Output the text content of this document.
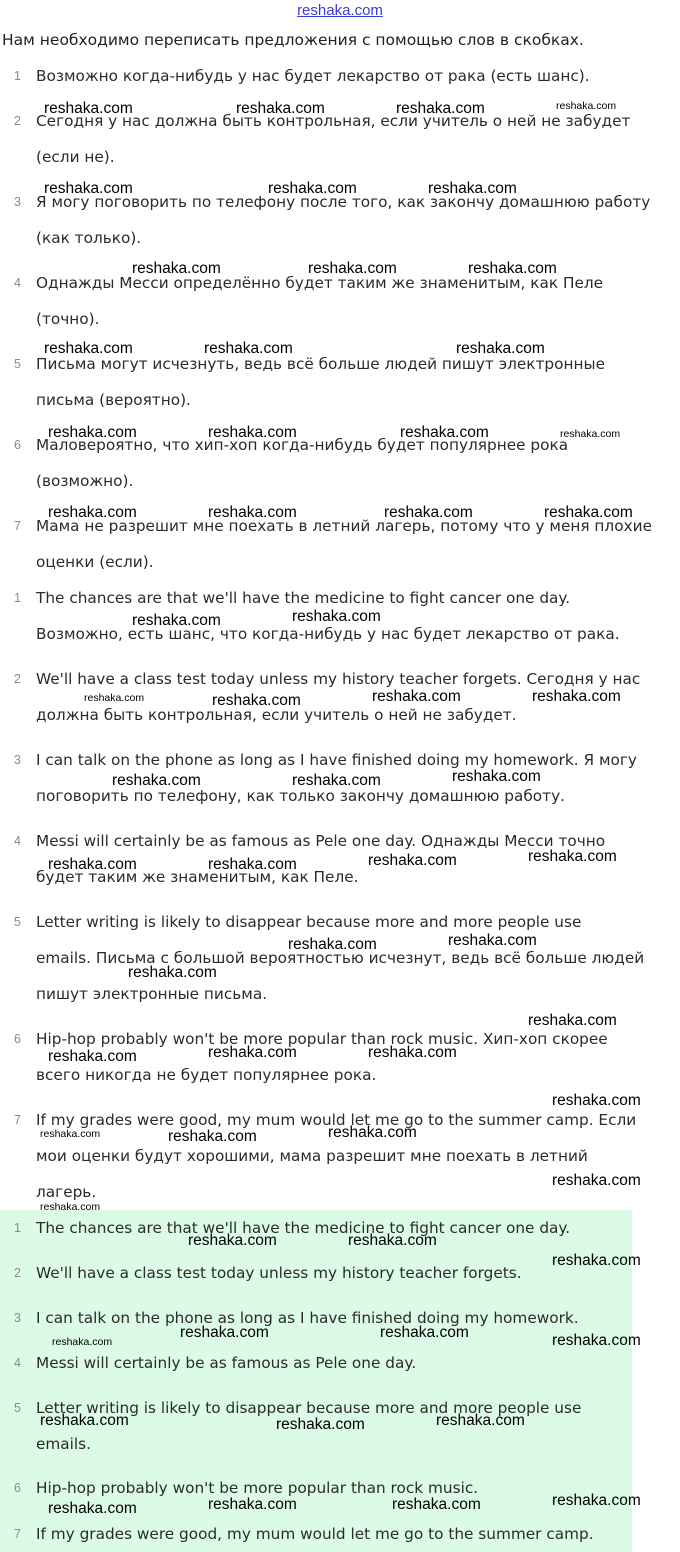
reshaka.com
Нам необходимо переписать предложения с помощью слов в скобках.
1 Возможно когда-нибудь у нас будет лекарство от рака (есть шанс).
2 Сегодня у нас должна быть контрольная, если учитель о ней не забудет
(если не).
3 Я могу поговорить по телефону после того, как закончу домашнюю работу
(как только).
4 Однажды Месси определённо будет таким же знаменитым, как Пеле
(точно).
5 Письма могут исчезнуть, ведь всё больше людей пишут электронные
письма (вероятно).
6 Маловероятно, что хип-хоп когда-нибудь будет популярнее рока
(возможно).
7 Мама не разрешит мне поехать в летний лагерь, потому что у меня плохие
оценки (если).
1 The chances are that we'll have the medicine to fight cancer one day.
Возможно, есть шанс, что когда-нибудь у нас будет лекарство от рака.
2 We'll have a class test today unless my history teacher forgets. Сегодня у нас
должна быть контрольная, если учитель о ней не забудет.
3 I can talk on the phone as long as I have finished doing my homework. Я могу
поговорить по телефону, как только закончу домашнюю работу.
4 Messi will certainly be as famous as Pele one day. Однажды Месси точно
будет таким же знаменитым, как Пеле.
5 Letter writing is likely to disappear because more and more people use
emails. Письма с большой вероятностью исчезнут, ведь всё больше людей
пишут электронные письма.
6 Hip-hop probably won't be more popular than rock music. Хип-хоп скорее
всего никогда не будет популярнее рока.
7 If my grades were good, my mum would let me go to the summer camp. Если
мои оценки будут хорошими, мама разрешит мне поехать в летний
лагерь.
1 The chances are that we'll have the medicine to fight cancer one day.
2 We'll have a class test today unless my history teacher forgets.
3 I can talk on the phone as long as I have finished doing my homework.
4 Messi will certainly be as famous as Pele one day.
5 Letter writing is likely to disappear because more and more people use
emails.
6 Hip-hop probably won't be more popular than rock music.
7 If my grades were good, my mum would let me go to the summer camp.
reshaka.com	reshaka.com	reshaka.com	reshaka.com
reshaka.com	reshaka.com	reshaka.com
reshaka.com	reshaka.com	reshaka.com
reshaka.com	reshaka.com	reshaka.com
reshaka.com	reshaka.com	reshaka.com	reshaka.com
reshaka.com	reshaka.com	reshaka.com	reshaka.com
reshaka.com
reshaka.com
reshaka.com	reshaka.com	reshaka.com	reshaka.com
reshaka.com	reshaka.com	reshaka.com
reshaka.com	reshaka.com	reshaka.com	reshaka.com
reshaka.com	reshaka.com
reshaka.com
reshaka.com
reshaka.com	reshaka.com	reshaka.com
reshaka.com
reshaka.com	reshaka.com	reshaka.com
reshaka.com
reshaka.com
reshaka.com	reshaka.com
reshaka.com
reshaka.com	reshaka.com	reshaka.com
reshaka.com
reshaka.com	reshaka.com	reshaka.com
reshaka.com
reshaka.com	reshaka.com	reshaka.com
